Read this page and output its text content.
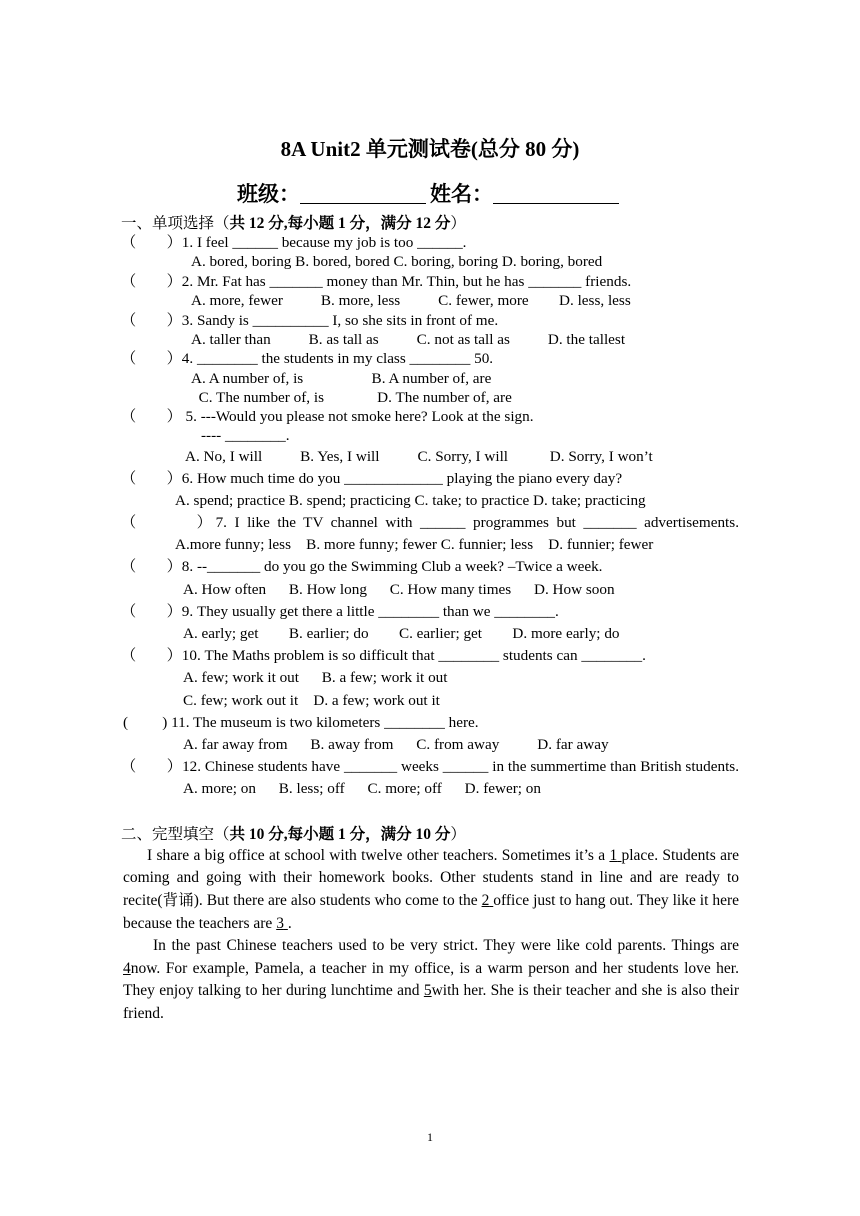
8A Unit2 单元测试卷(总分 80 分)
班级：	姓名：
一、单项选择（共 12 分,每小题 1 分，满分 12 分）
（　　）1. I feel ______ because my job is too ______.
A. bored, boring B. bored, bored C. boring, boring D. boring, bored
（　　）2. Mr. Fat has _______ money than Mr. Thin, but he has _______ friends.
A. more, fewer          B. more, less          C. fewer, more        D. less, less
（　　）3. Sandy is __________ I, so she sits in front of me.
A. taller than          B. as tall as          C. not as tall as          D. the tallest
（　　）4. ________ the students in my class ________ 50.
A. A number of, is                  B. A number of, are
C. The number of, is              D. The number of, are
（　　） 5. ---Would you please not smoke here? Look at the sign.
---- ________.
A. No, I will          B. Yes, I will          C. Sorry, I will           D. Sorry, I won’t
（　　）6. How much time do you _____________ playing the piano every day?
A. spend; practice B. spend; practicing C. take; to practice D. take; practicing
（　　　）7. I like the TV channel with ______ programmes but _______ advertisements.
A.more funny; less    B. more funny; fewer C. funnier; less    D. funnier; fewer
（　　）8. --_______ do you go the Swimming Club a week? –Twice a week.
A. How often      B. How long      C. How many times      D. How soon
（　　）9. They usually get there a little ________ than we ________.
A. early; get        B. earlier; do        C. earlier; get        D. more early; do
（　　）10. The Maths problem is so difficult that ________ students can ________.
A. few; work it out      B. a few; work it out
C. few; work out it    D. a few; work out it
(　　 ) 11. The museum is two kilometers ________ here.
A. far away from      B. away from      C. from away          D. far away
（　　）12. Chinese students have _______ weeks ______ in the summertime than British students.
A. more; on      B. less; off      C. more; off      D. fewer; on
二、完型填空（共 10 分,每小题 1 分，满分 10 分）
I share a big office at school with twelve other teachers. Sometimes it’s a 1 place. Students are coming and going with their homework books. Other students stand in line and are ready to recite(背诵). But there are also students who come to the 2 office just to hang out. They like it here because the teachers are 3 .
In the past Chinese teachers used to be very strict. They were like cold parents. Things are 4now. For example, Pamela, a teacher in my office, is a warm person and her students love her. They enjoy talking to her during lunchtime and 5with her. She is their teacher and she is also their friend.
1
